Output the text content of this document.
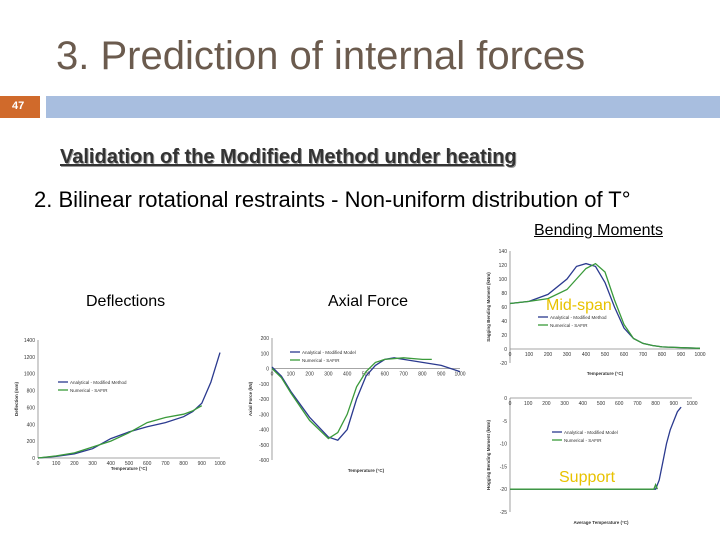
3. Prediction of internal forces
47
Validation of the Modified Method under heating
2. Bilinear rotational restraints - Non-uniform distribution of T°
Bending Moments
Deflections	Axial Force
0
200
400
600
800
1000
1200
1400
0	100 200 300 400 500 600 700 800 900 1000
Temperature (°C)
Deflection (mm)	Analytical - Modified Method
Numerical - SAFIR
-600
-500
-400
-300
-200
-100
0
100
200
0	100 200 300 400 500 600 700 800 900 1000
Temperature (°C)
Axial Force (kN)
Analytical - Modified Model
Numerical - SAFIR
-20
0
20
40
60
80
100
120
140
0	100 200 300 400 500 600 700 800 900 1000
Temperature (°C)
Sagging Bending Moment (kNm)	Analytical - Modified Method
Numerical - SAFIR
-25
-20
-15
-10
-5
0
0	100 200 300 400 500 600 700 800 900 1000
Average Temperature (°C)
Hogging Bending Moment (kNm)	Analytical - Modified Model
Numerical - SAFIR
Mid-span
Support
